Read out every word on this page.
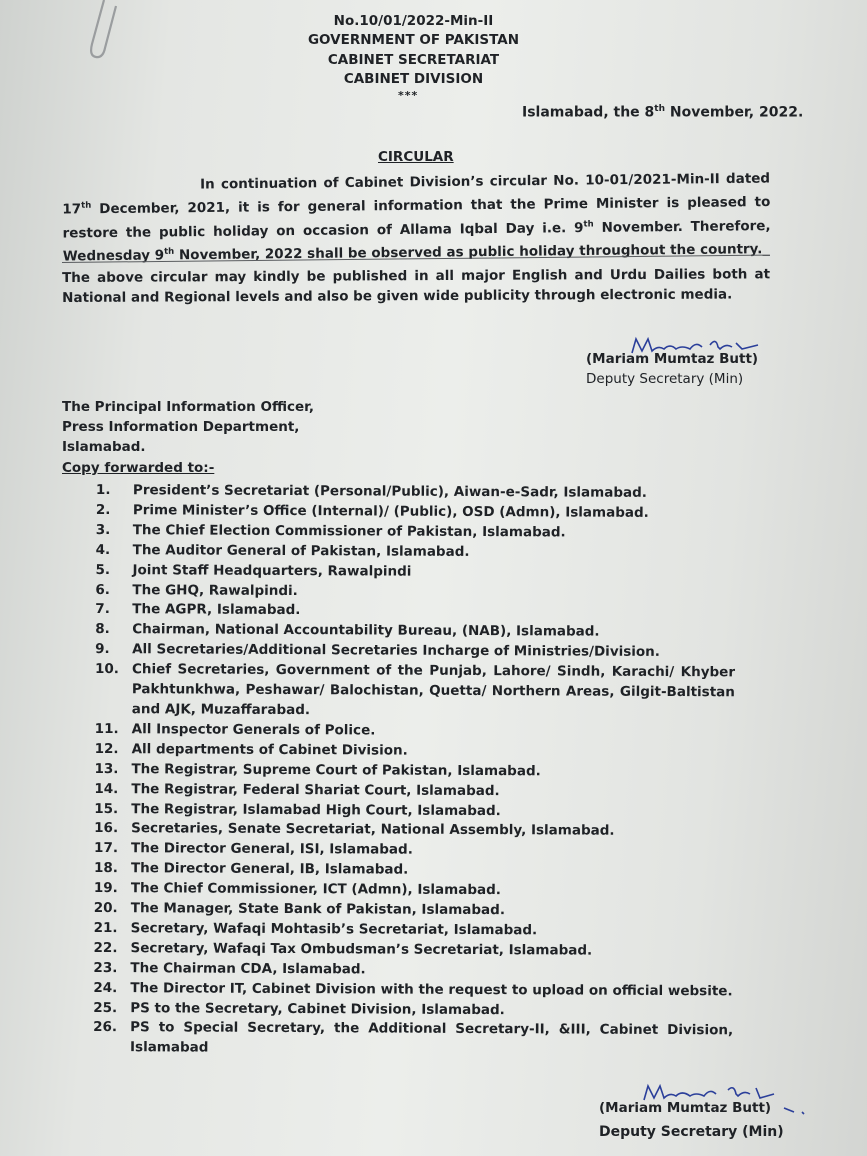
No.10/01/2022-Min-II
GOVERNMENT OF PAKISTAN
CABINET SECRETARIAT
CABINET DIVISION
***
Islamabad, the 8th November, 2022.
CIRCULAR
In continuation of Cabinet Division’s circular No. 10-01/2021-Min-II dated 17th December, 2021, it is for general information that the Prime Minister is pleased to restore the public holiday on occasion of Allama Iqbal Day i.e. 9th November. Therefore, Wednesday 9th November, 2022 shall be observed as public holiday throughout the country.
The above circular may kindly be published in all major English and Urdu Dailies both at National and Regional levels and also be given wide publicity through electronic media.
(Mariam Mumtaz Butt)
Deputy Secretary (Min)
The Principal Information Officer,
Press Information Department,
Islamabad.
Copy forwarded to:-
1.	President’s Secretariat (Personal/Public), Aiwan-e-Sadr, Islamabad.
2.	Prime Minister’s Office (Internal)/ (Public), OSD (Admn), Islamabad.
3.	The Chief Election Commissioner of Pakistan, Islamabad.
4.	The Auditor General of Pakistan, Islamabad.
5.	Joint Staff Headquarters, Rawalpindi
6.	The GHQ, Rawalpindi.
7.	The AGPR, Islamabad.
8.	Chairman, National Accountability Bureau, (NAB), Islamabad.
9.	All Secretaries/Additional Secretaries Incharge of Ministries/Division.
10. Chief Secretaries, Government of the Punjab, Lahore/ Sindh, Karachi/ Khyber Pakhtunkhwa, Peshawar/ Balochistan, Quetta/ Northern Areas, Gilgit-Baltistan and AJK, Muzaffarabad.
11. All Inspector Generals of Police.
12. All departments of Cabinet Division.
13. The Registrar, Supreme Court of Pakistan, Islamabad.
14. The Registrar, Federal Shariat Court, Islamabad.
15. The Registrar, Islamabad High Court, Islamabad.
16. Secretaries, Senate Secretariat, National Assembly, Islamabad.
17. The Director General, ISI, Islamabad.
18. The Director General, IB, Islamabad.
19. The Chief Commissioner, ICT (Admn), Islamabad.
20. The Manager, State Bank of Pakistan, Islamabad.
21. Secretary, Wafaqi Mohtasib’s Secretariat, Islamabad.
22. Secretary, Wafaqi Tax Ombudsman’s Secretariat, Islamabad.
23. The Chairman CDA, Islamabad.
24. The Director IT, Cabinet Division with the request to upload on official website.
25. PS to the Secretary, Cabinet Division, Islamabad.
26. PS to Special Secretary, the Additional Secretary-II, &III, Cabinet Division, Islamabad
(Mariam Mumtaz Butt)
Deputy Secretary (Min)
